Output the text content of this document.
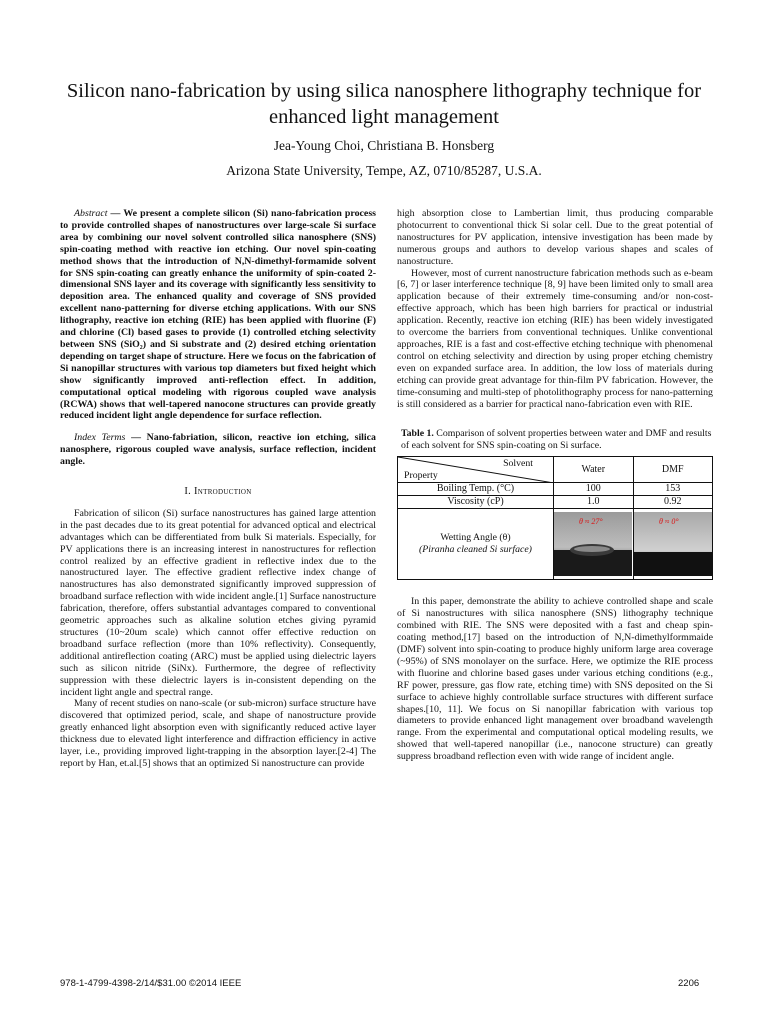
Silicon nano-fabrication by using silica nanosphere lithography technique for enhanced light management
Jea-Young Choi, Christiana B. Honsberg
Arizona State University, Tempe, AZ, 0710/85287, U.S.A.

Abstract — We present a complete silicon (Si) nano-fabrication process to provide controlled shapes of nanostructures over large-scale Si surface area by combining our novel solvent controlled silica nanosphere (SNS) spin-coating method with reactive ion etching. Our novel spin-coating method shows that the introduction of N,N-dimethyl-formamide solvent for SNS spin-coating can greatly enhance the uniformity of spin-coated 2-dimensional SNS layer and its coverage with significantly less sensitivity to deposition area. The enhanced quality and coverage of SNS provided excellent nano-patterning for diverse etching applications. With our SNS lithography, reactive ion etching (RIE) has been applied with fluorine (F) and chlorine (Cl) based gases to provide (1) controlled etching selectivity between SNS (SiO₂) and Si substrate and (2) desired etching orientation depending on target shape of structure. Here we focus on the fabrication of Si nanopillar structures with various top diameters but fixed height which show significantly improved anti-reflection effect. In addition, computational optical modeling with rigorous coupled wave analysis (RCWA) shows that well-tapered nanocone structures can provide greatly reduced incident light angle dependence for surface reflection.

Index Terms — Nano-fabriation, silicon, reactive ion etching, silica nanosphere, rigorous coupled wave analysis, surface reflection, incident angle.

I. Introduction

Fabrication of silicon (Si) surface nanostructures has gained large attention in the past decades due to its great potential for advanced optical and electrical advantages which can be differentiated from bulk Si materials. Especially, for PV applications there is an increasing interest in nanostructures for reflection control realized by an effective gradient in reflective index due to the nanostructured layer. The effective gradient reflective index change of nanostructures has also demonstrated significantly improved suppression of broadband surface reflection with wide incident angle.[1] Surface nanostructure fabrication, therefore, offers substantial advantages compared to conventional geometric approaches such as alkaline solution etches giving pyramid structures (10~20um scale) which cannot offer effective reduction on broadband surface reflection (more than 10% reflectivity). Consequently, additional antireflection coating (ARC) must be applied using dielectric layers such as silicon nitride (SiNx). Furthermore, the degree of reflectivity suppression with these dielectric layers is in-consistent depending on the incident light angle and spectral range.

Many of recent studies on nano-scale (or sub-micron) surface structure have discovered that optimized period, scale, and shape of nanostructure provide greatly enhanced light absorption even with significantly reduced active layer thickness due to elevated light interference and diffraction efficiency in active layer, i.e., providing improved light-trapping in the absorption layer.[2-4] The report by Han, et.al.[5] shows that an optimized Si nanostructure can provide

high absorption close to Lambertian limit, thus producing comparable photocurrent to conventional thick Si solar cell. Due to the great potential of nanostructures for PV application, intensive investigation has been made by numerous groups and authors to develop various shapes and scales of nanostructure.

However, most of current nanostructure fabrication methods such as e-beam [6, 7] or laser interference technique [8, 9] have been limited only to small area application because of their extremely time-consuming and/or non-cost-effective approach, which has been high barriers for practical or industrial application. Recently, reactive ion etching (RIE) has been widely investigated to overcome the barriers from conventional techniques. Unlike conventional approaches, RIE is a fast and cost-effective etching technique with phenomenal control on etching selectivity and direction by using proper etching chemistry even on expanded surface area. In addition, the low loss of materials during etching can provide great advantage for thin-film PV fabrication. However, the time-consuming and multi-step of photolithography process for nano-patterning is still considered as a barrier for practical nano-fabrication even with RIE.

Table 1. Comparison of solvent properties between water and DMF and results of each solvent for SNS spin-coating on Si surface.
Solvent
Property	Water	DMF
Boiling Temp. (°C)	100	153
Viscosity (cP)	1.0	0.92

Wetting Angle (θ)
(Piranha cleaned Si surface)	θ ≈ 27°	θ ≈ 0°

In this paper, demonstrate the ability to achieve controlled shape and scale of Si nanostructures with silica nanosphere (SNS) lithography technique combined with RIE. The SNS were deposited with a fast and cheap spin-coating method,[17] based on the introduction of N,N-dimethylformmaide (DMF) solvent into spin-coating to produce highly uniform large area coverage (~95%) of SNS monolayer on the surface. Here, we optimize the RIE process with fluorine and chlorine based gases under various etching conditions (e.g., RF power, pressure, gas flow rate, etching time) with SNS deposited on the Si surface to achieve highly controllable surface structures with different surface shapes.[10, 11]. We focus on Si nanopillar fabrication with various top diameters to provide enhanced light management over broadband wavelength range. From the experimental and computational optical modeling results, we showed that well-tapered nanopillar (i.e., nanocone structure) can greatly suppress broadband reflection even with wide range of incident angle.

978-1-4799-4398-2/14/$31.00 ©2014 IEEE	2206
